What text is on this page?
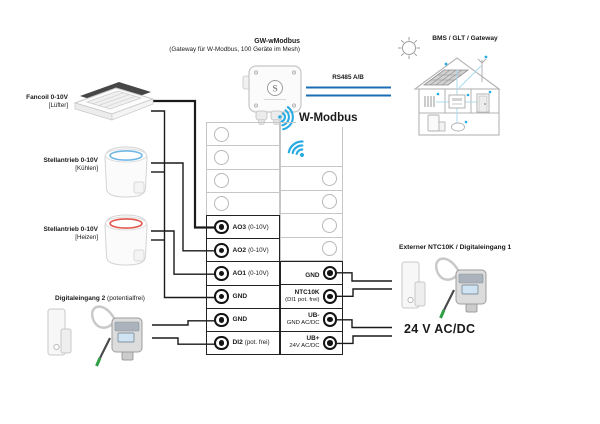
S
AO3 (0-10V)
AO2 (0-10V)
AO1 (0-10V)
GND
GND
DI2 (pot. frei)
GND
NTC10K
(DI1 pot. frei)
UB-
GND AC/DC
UB+
24V AC/DC
GW-wModbus
(Gateway für W-Modbus, 100 Geräte im Mesh)
BMS / GLT / Gateway
RS485 A/B
W-Modbus
Fancoil 0-10V
[Lüfter]
Stellantrieb 0-10V
[Kühlen]
Stellantrieb 0-10V
[Heizen]
Digitaleingang 2 (potentialfrei)
Externer NTC10K / Digitaleingang 1
24 V AC/DC
